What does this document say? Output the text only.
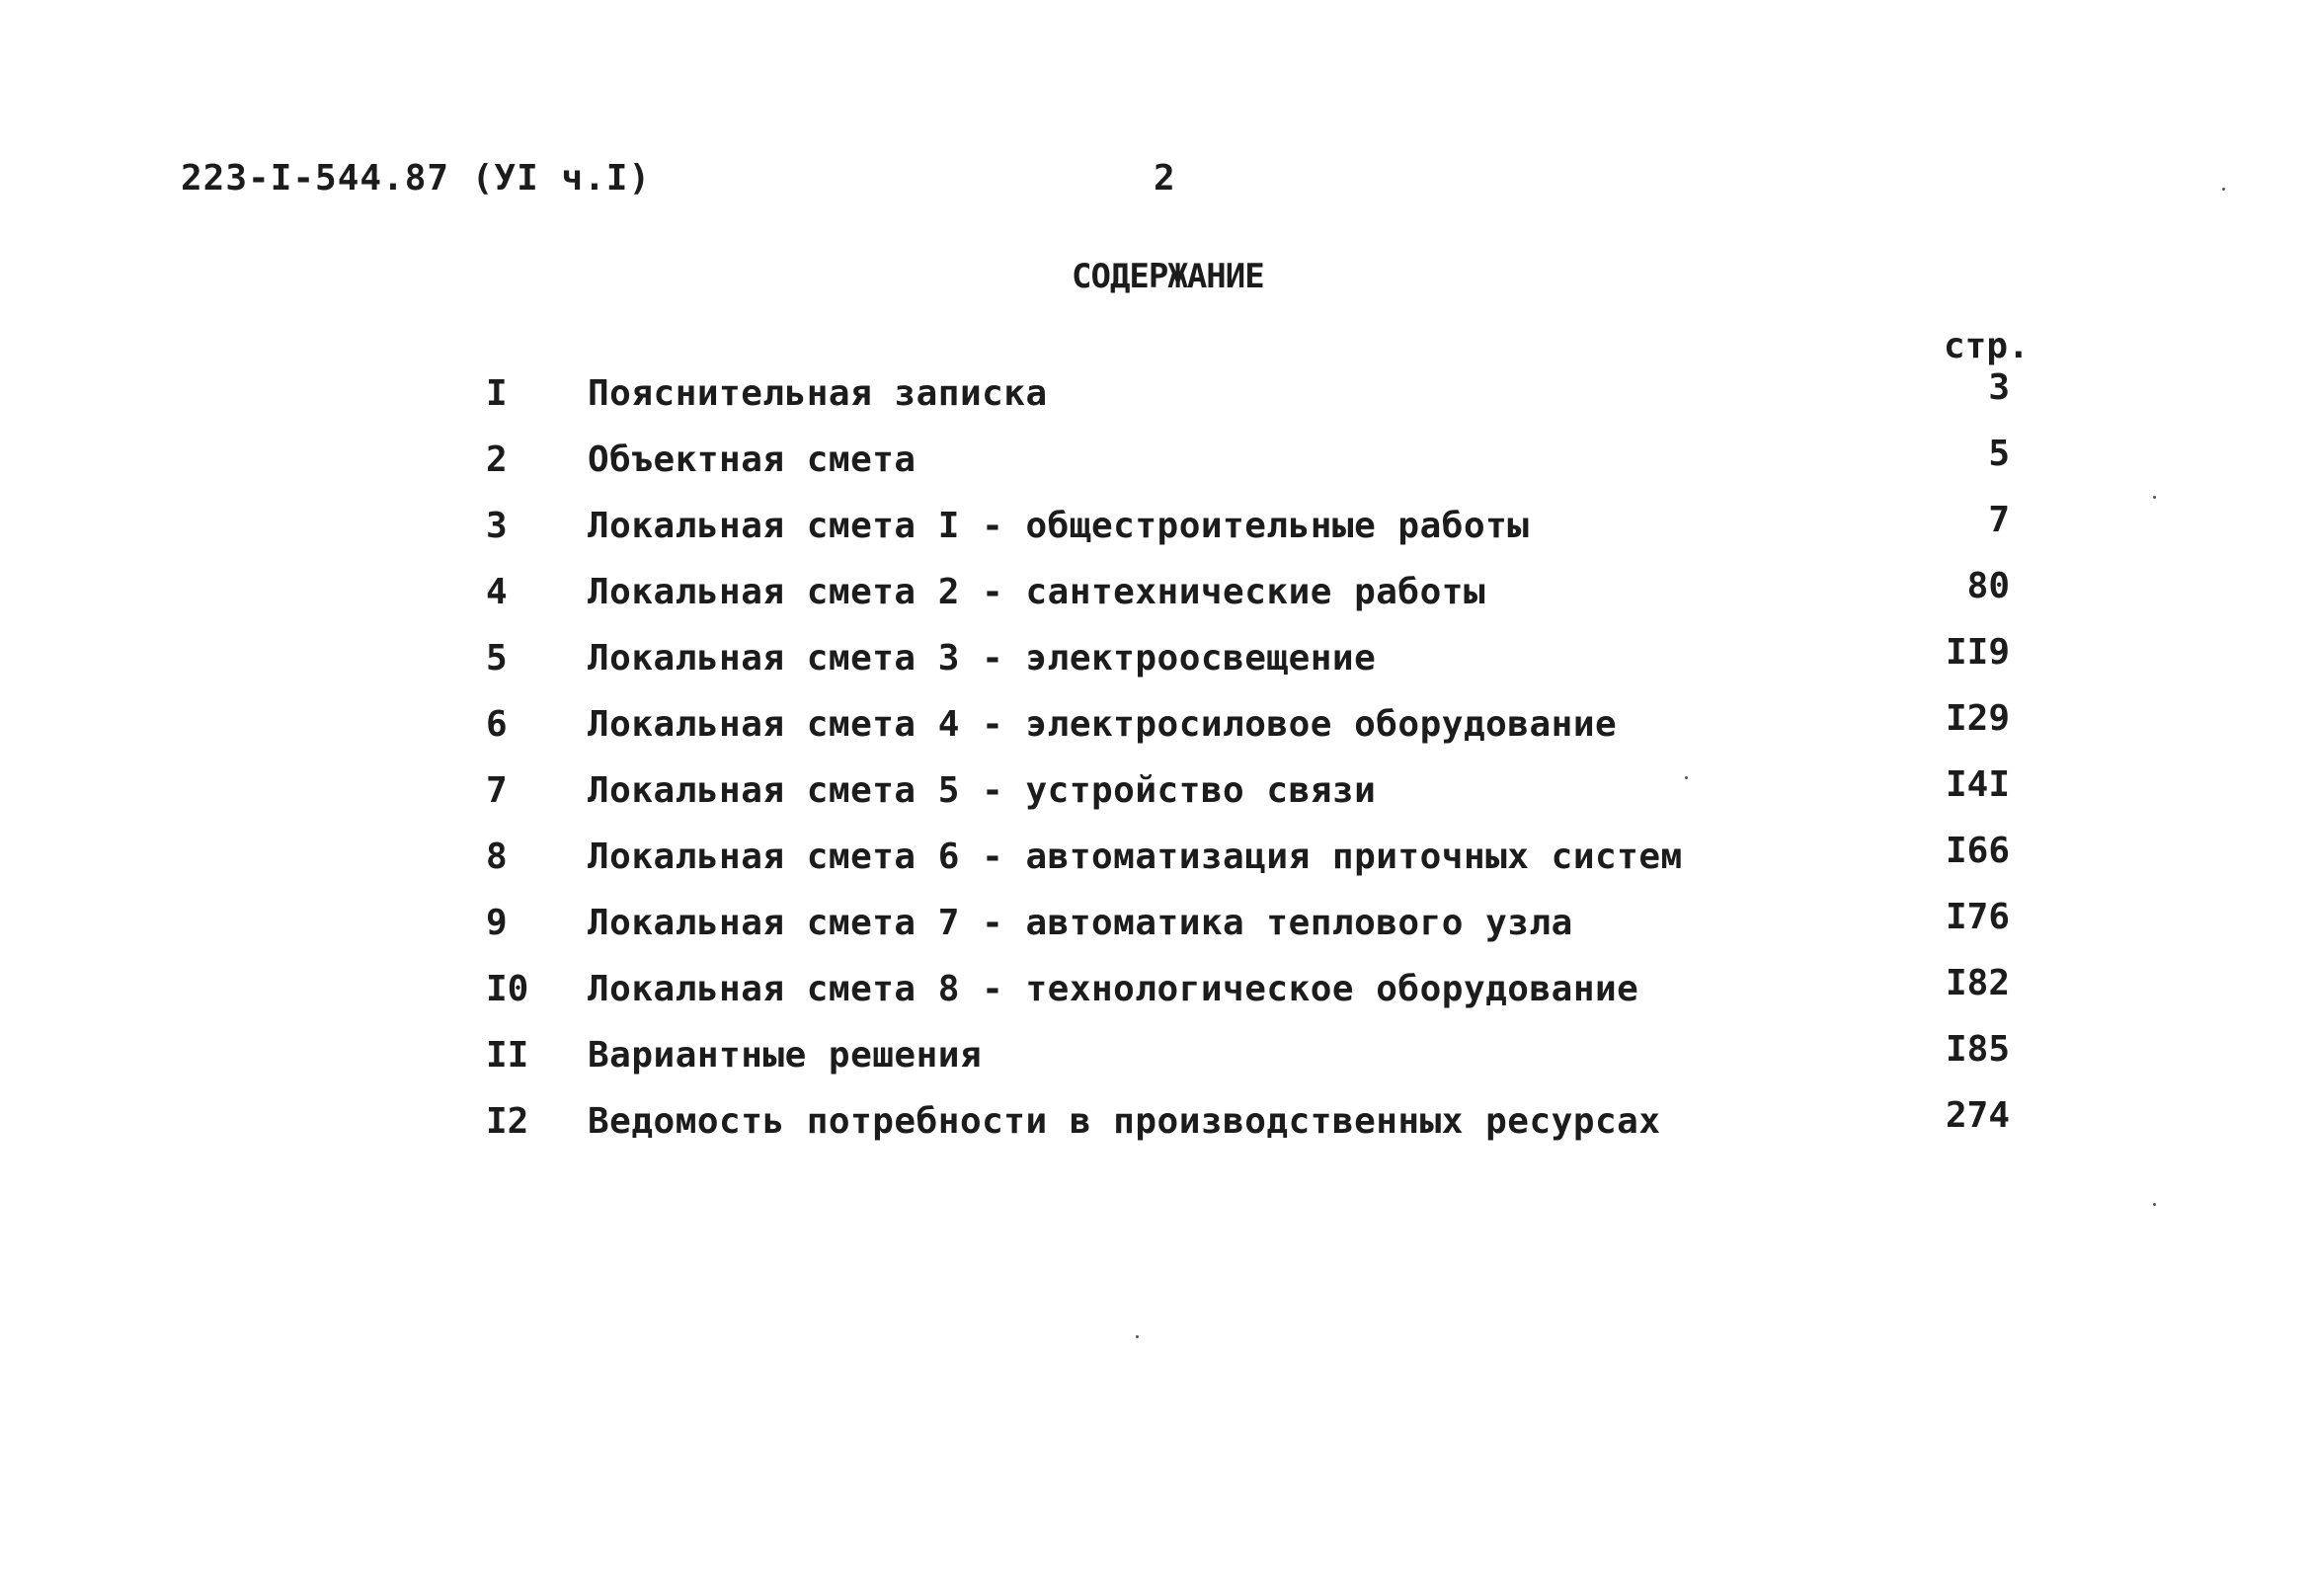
223-I-544.87 (УI ч.I)	2
СОДЕРЖАНИЕ
стр.
I Пояснительная записка	3
2 Объектная смета	5
3 Локальная смета I - общестроительные работы	7
4 Локальная смета 2 - сантехнические работы	80
5 Локальная смета 3 - электроосвещение	II9
6 Локальная смета 4 - электросиловое оборудование	I29
7 Локальная смета 5 - устройство связи	I4I
8 Локальная смета 6 - автоматизация приточных систем	I66
9 Локальная смета 7 - автоматика теплового узла	I76
I0 Локальная смета 8 - технологическое оборудование	I82
II Вариантные решения	I85
I2 Ведомость потребности в производственных ресурсах	274
